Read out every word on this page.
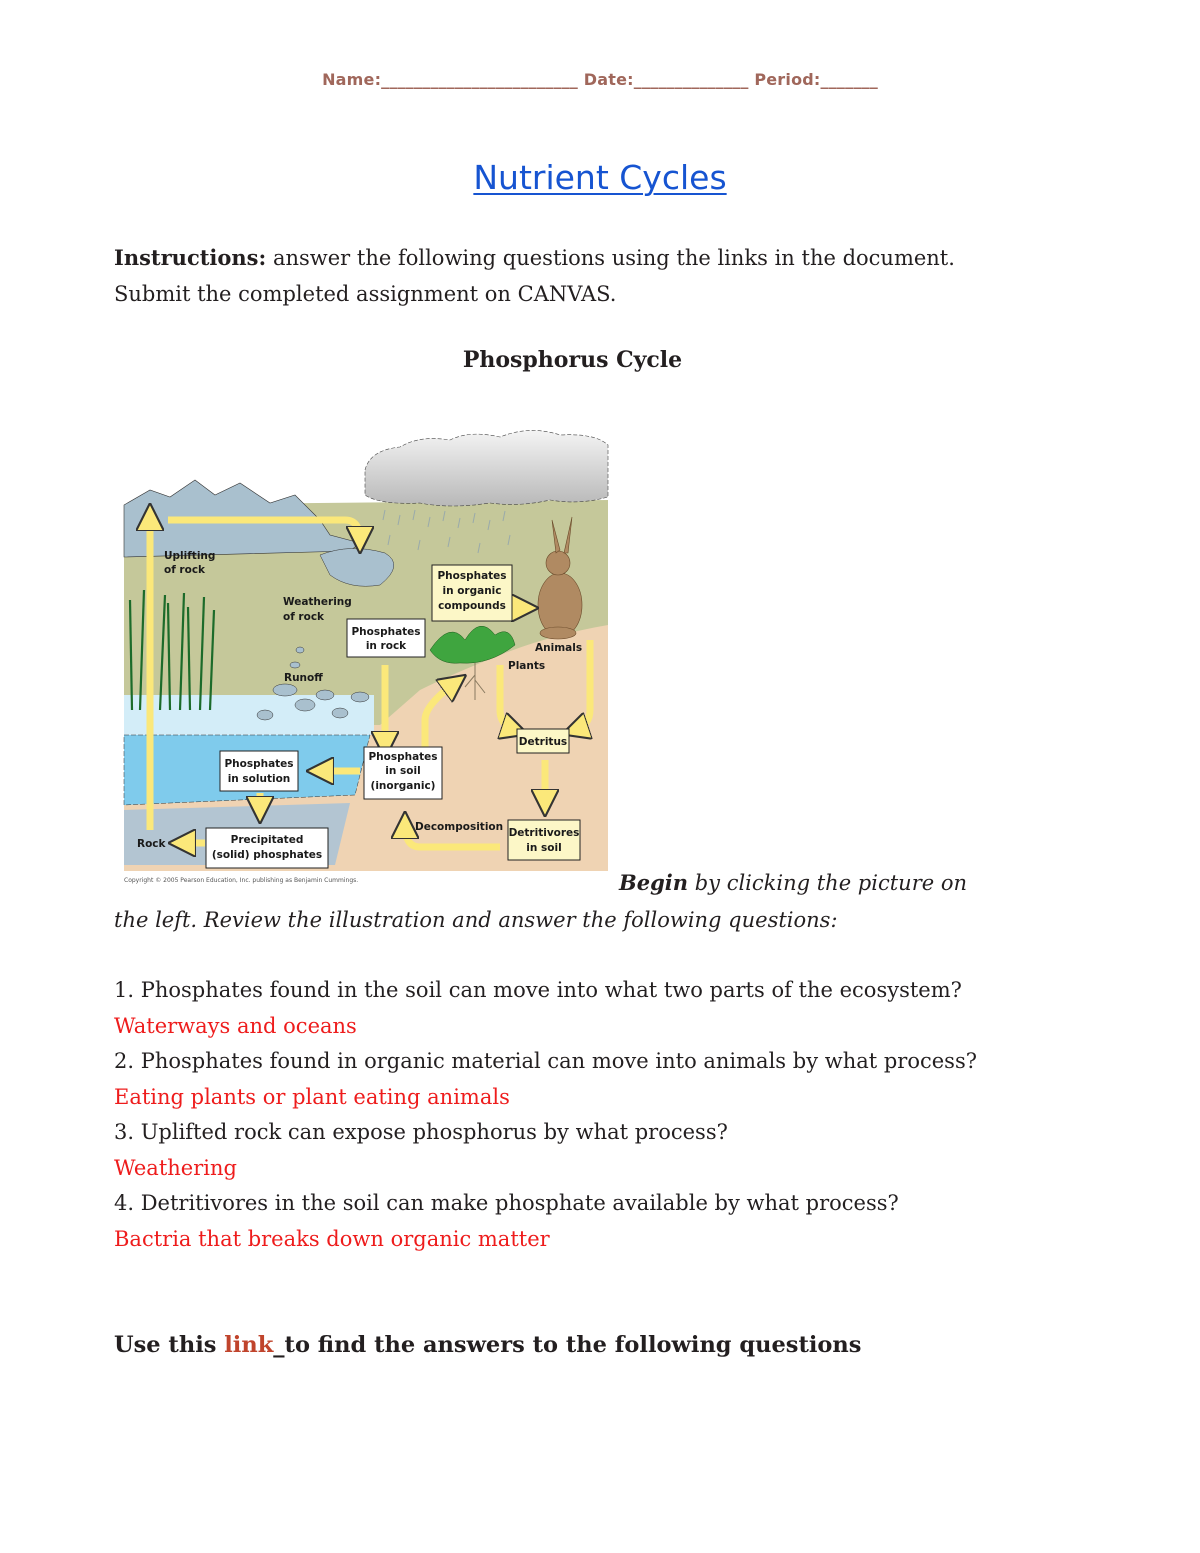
Name:________________________ Date:______________ Period:_______
Nutrient Cycles
Instructions: answer the following questions using the links in the document. Submit the completed assignment on CANVAS.
Phosphorus Cycle
Phosphates
in organic
compounds
Phosphates
in rock
Phosphates
in solution
Phosphates
in soil
(inorganic)
Detritus
Detritivores
in soil
Precipitated
(solid) phosphates
Uplifting
of rock
Weathering
of rock
Runoff
Rock
Animals
Plants
Decomposition
Copyright © 2005 Pearson Education, Inc. publishing as Benjamin Cummings.	Begin by clicking the picture on
the left. Review the illustration and answer the following questions:
1. Phosphates found in the soil can move into what two parts of the ecosystem?
Waterways and oceans
2. Phosphates found in organic material can move into animals by what process?
Eating plants or plant eating animals
3. Uplifted rock can expose phosphorus by what process?
Weathering
4. Detritivores in the soil can make phosphate available by what process?
Bactria that breaks down organic matter
Use this link_to find the answers to the following questions
